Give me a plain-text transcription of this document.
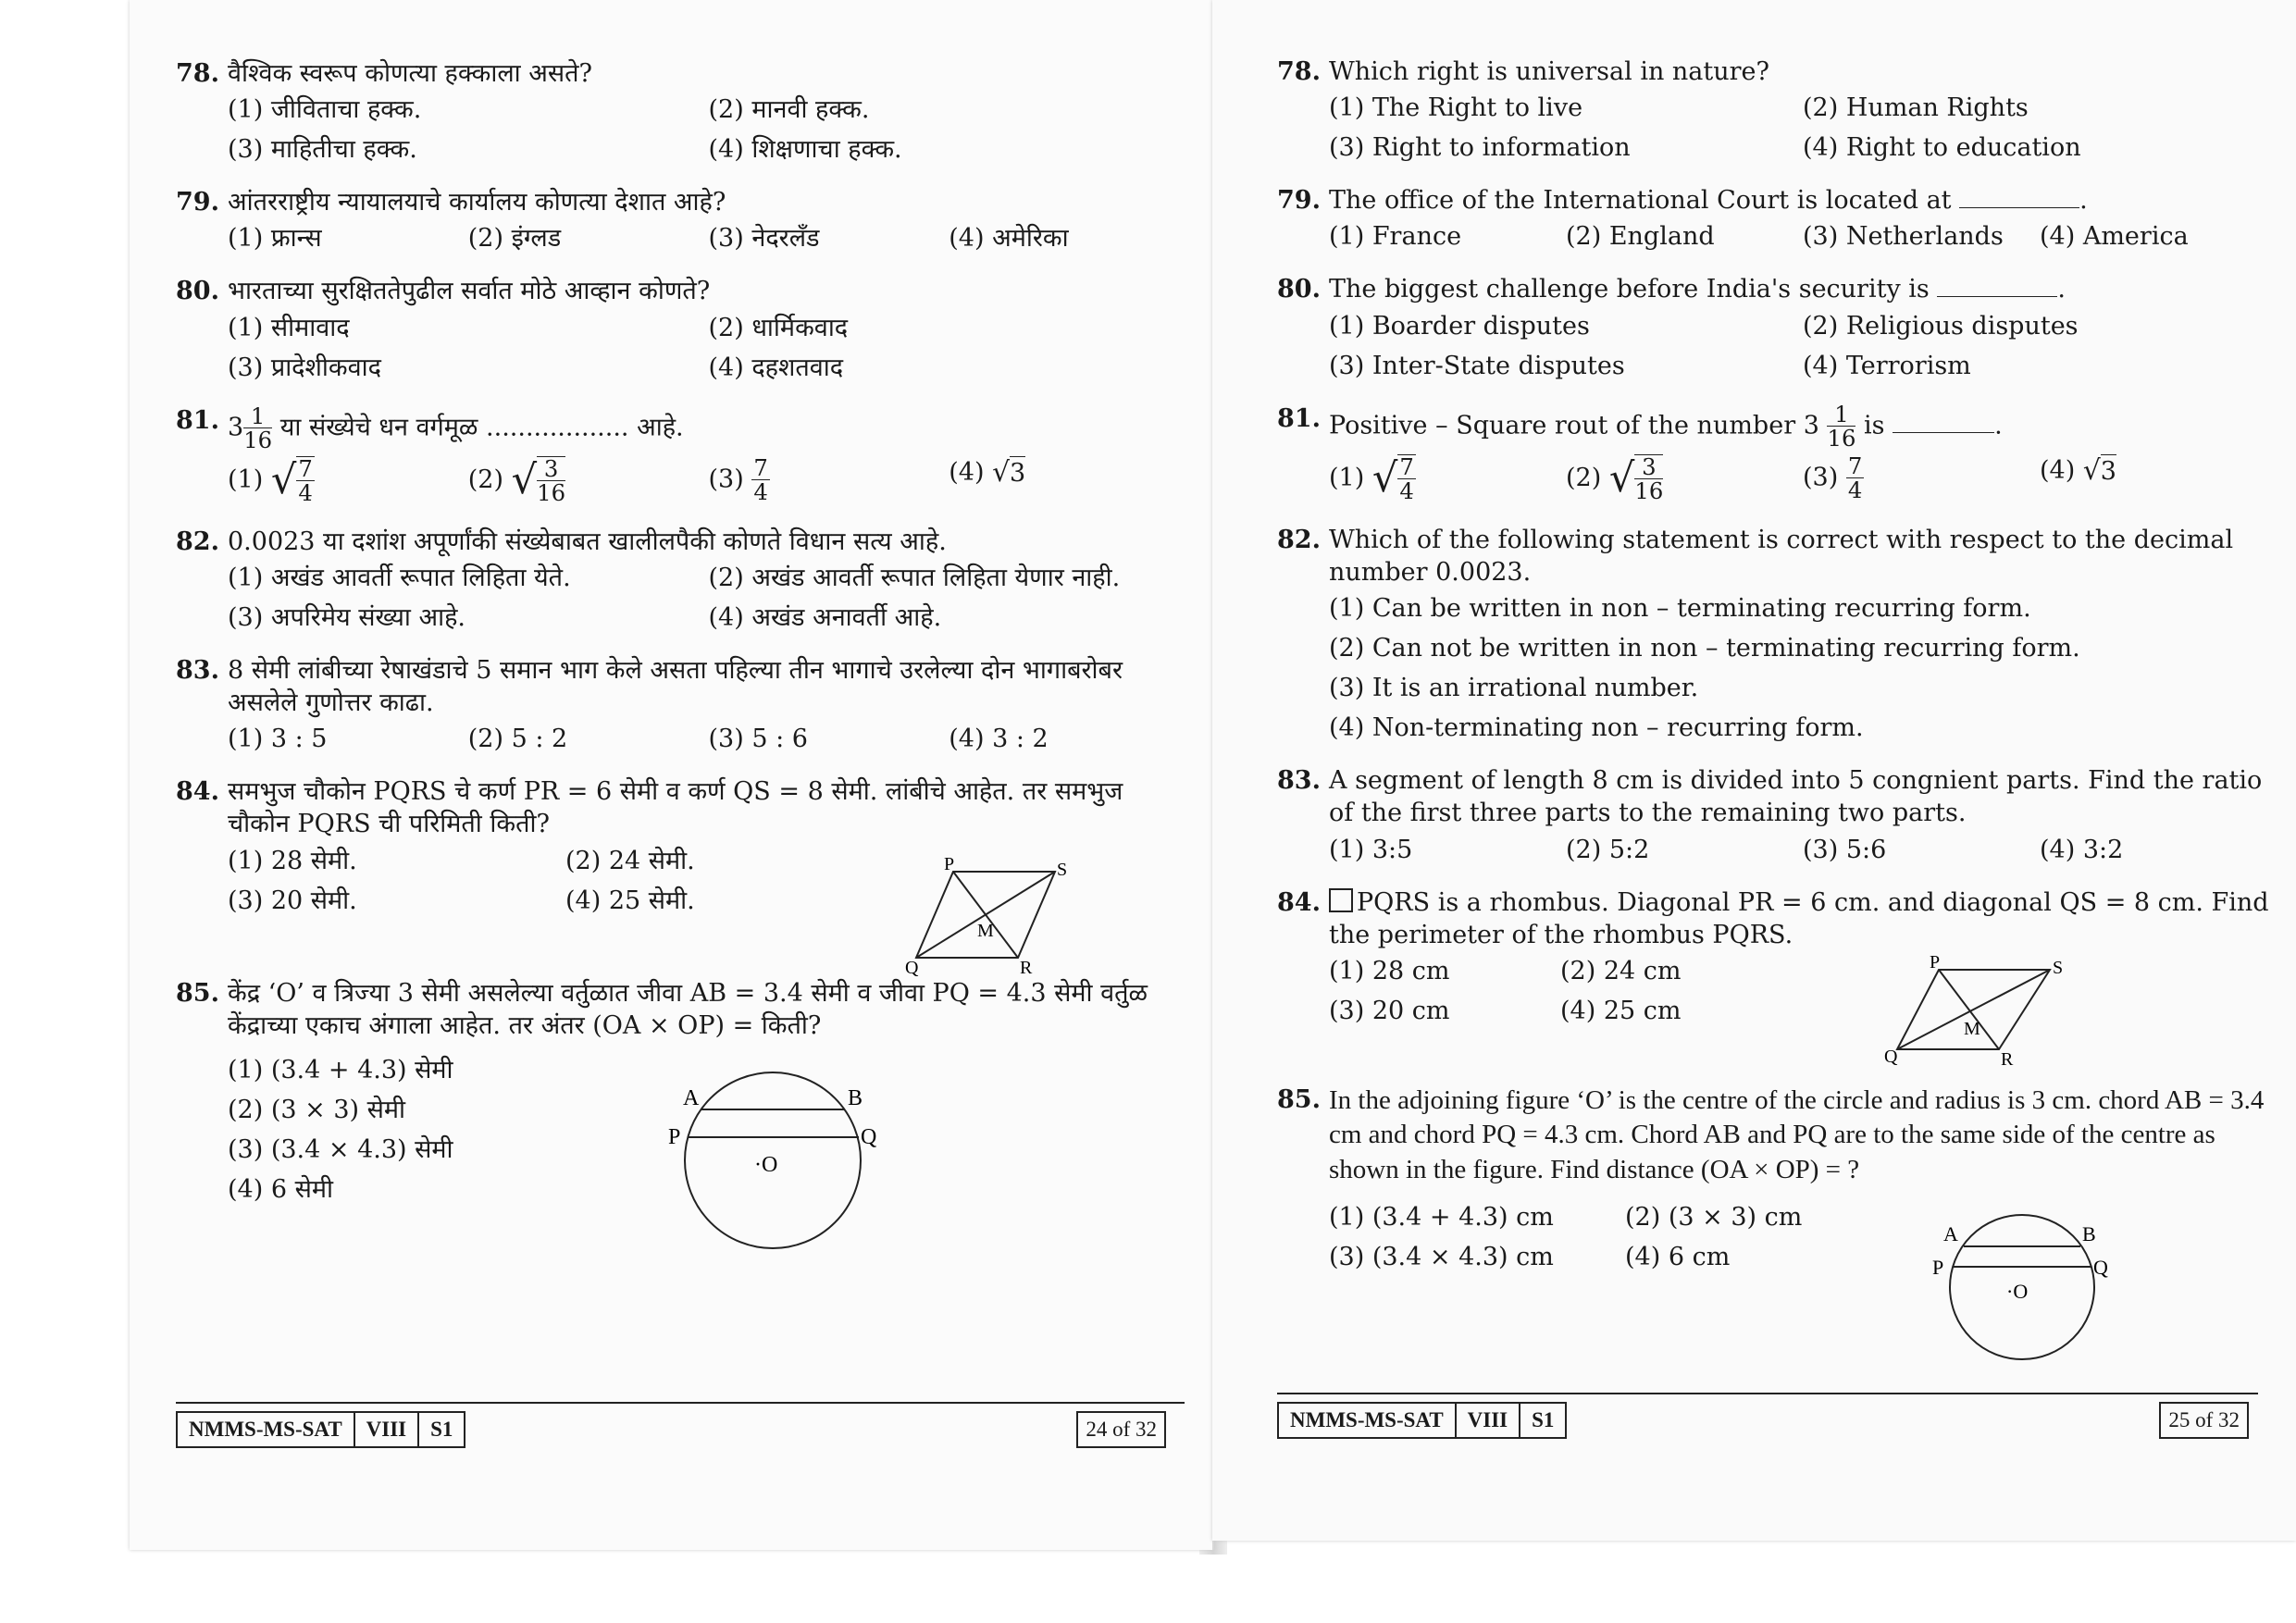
78. वैश्विक स्वरूप कोणत्या हक्काला असते?
(1) जीविताचा हक्क.	(2) मानवी हक्क.
(3) माहितीचा हक्क.	(4) शिक्षणाचा हक्क.
79. आंतरराष्ट्रीय न्यायालयाचे कार्यालय कोणत्या देशात आहे?
(1) फ्रान्स	(2) इंग्लड	(3) नेदरलँड	(4) अमेरिका
80. भारताच्या सुरक्षिततेपुढील सर्वात मोठे आव्हान कोणते?
(1) सीमावाद	(2) धार्मिकवाद
(3) प्रादेशीकवाद	(4) दहशतवाद
81. $3 \frac{1}{16}$ या संख्येचे धन वर्गमूळ .................. आहे.
(1) √ $\frac{7}{4}$	(2) √ $\frac{3}{16}$	$(3) \frac{7}{4}$	(4) √ 3
82. 0.0023 या दशांश अपूर्णांकी संख्येबाबत खालीलपैकी कोणते विधान सत्य आहे.
(1) अखंड आवर्ती रूपात लिहिता येते.	(2) अखंड आवर्ती रूपात लिहिता येणार नाही.
(3) अपरिमेय संख्या आहे.	(4) अखंड अनावर्ती आहे.
83. 8 सेमी लांबीच्या रेषाखंडाचे 5 समान भाग केले असता पहिल्या तीन भागाचे उरलेल्या दोन भागाबरोबर असलेले गुणोत्तर काढा.
(1) 3 : 5	(2) 5 : 2	(3) 5 : 6	(4) 3 : 2
84. समभुज चौकोन PQRS चे कर्ण PR = 6 सेमी व कर्ण QS = 8 सेमी. लांबीचे आहेत. तर समभुज चौकोन PQRS ची परिमिती किती?
(1) 28 सेमी.	(2) 24 सेमी.
(3) 20 सेमी.	(4) 25 सेमी.
P	S
Q	R
M
85. केंद्र ‘O’ व त्रिज्या 3 सेमी असलेल्या वर्तुळात जीवा AB = 3.4 सेमी व जीवा PQ = 4.3 सेमी वर्तुळ केंद्राच्या एकाच अंगाला आहेत. तर अंतर (OA × OP) = किती?
(1) (3.4 + 4.3) सेमी
(2) (3 × 3) सेमी
(3) (3.4 × 4.3) सेमी
(4) 6 सेमी
A	B
P	Q
·O
NMMS-MS-SAT	VIII	S1	24 of 32
78. Which right is universal in nature?
(1) The Right to live	(2) Human Rights
(3) Right to information	(4) Right to education
79. The office of the International Court is located at	.
(1) France	(2) England	(3) Netherlands	(4) America
80. The biggest challenge before India's security is	.
(1) Boarder disputes	(2) Religious disputes
(3) Inter-State disputes	(4) Terrorism
81. Positive – Square rout of the number $3 \frac{1}{16}$ is	.
(1) √ $\frac{7}{4}$	(2) √ $\frac{3}{16}$	$(3) \frac{7}{4}$	(4) √ 3
82. Which of the following statement is correct with respect to the decimal number 0.0023.
(1) Can be written in non – terminating recurring form.
(2) Can not be written in non – terminating recurring form.
(3) It is an irrational number.
(4) Non-terminating non – recurring form.
83. A segment of length 8 cm is divided into 5 congnient parts. Find the ratio of the first three parts to the remaining two parts.
(1) 3:5	(2) 5:2	(3) 5:6	(4) 3:2
84.	PQRS is a rhombus. Diagonal PR = 6 cm. and diagonal QS = 8 cm. Find the perimeter of the rhombus PQRS.
(1) 28 cm	(2) 24 cm
(3) 20 cm	(4) 25 cm
P	S
Q	R
M
85. In the adjoining figure ‘O’ is the centre of the circle and radius is 3 cm. chord AB = 3.4 cm and chord PQ = 4.3 cm. Chord AB and PQ are to the same side of the centre as shown in the figure. Find distance (OA × OP) = ?
(1) (3.4 + 4.3) cm	(2) (3 × 3) cm
(3) (3.4 × 4.3) cm	(4) 6 cm
A	B
P	Q
·O
NMMS-MS-SAT	VIII	S1	25 of 32
